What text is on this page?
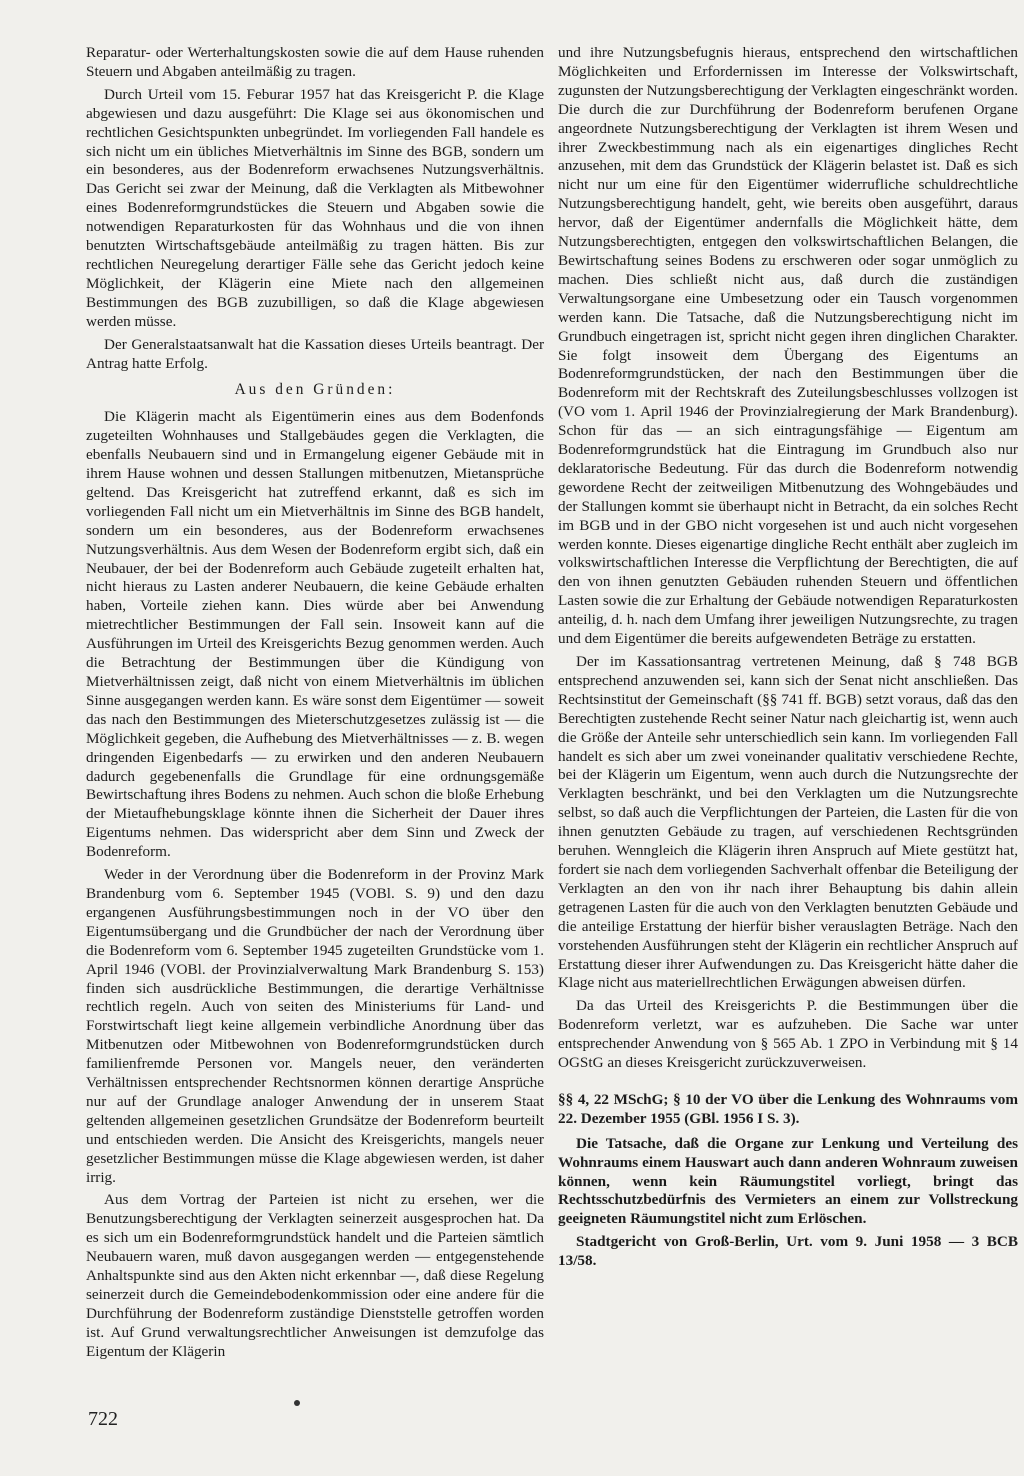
Reparatur- oder Werterhaltungskosten sowie die auf dem Hause ruhenden Steuern und Abgaben anteilmäßig zu tragen.

Durch Urteil vom 15. Feburar 1957 hat das Kreisgericht P. die Klage abgewiesen und dazu ausgeführt: Die Klage sei aus ökonomischen und rechtlichen Gesichtspunkten unbegründet. Im vorliegenden Fall handele es sich nicht um ein übliches Mietverhältnis im Sinne des BGB, sondern um ein besonderes, aus der Bodenreform erwachsenes Nutzungsverhältnis. Das Gericht sei zwar der Meinung, daß die Verklagten als Mitbewohner eines Bodenreformgrundstückes die Steuern und Abgaben sowie die notwendigen Reparaturkosten für das Wohnhaus und die von ihnen benutzten Wirtschaftsgebäude anteilmäßig zu tragen hätten. Bis zur rechtlichen Neuregelung derartiger Fälle sehe das Gericht jedoch keine Möglichkeit, der Klägerin eine Miete nach den allgemeinen Bestimmungen des BGB zuzubilligen, so daß die Klage abgewiesen werden müsse.

Der Generalstaatsanwalt hat die Kassation dieses Urteils beantragt. Der Antrag hatte Erfolg.

Aus den Gründen:

Die Klägerin macht als Eigentümerin eines aus dem Bodenfonds zugeteilten Wohnhauses und Stallgebäudes gegen die Verklagten, die ebenfalls Neubauern sind und in Ermangelung eigener Gebäude mit in ihrem Hause wohnen und dessen Stallungen mitbenutzen, Mietansprüche geltend. Das Kreisgericht hat zutreffend erkannt, daß es sich im vorliegenden Fall nicht um ein Mietverhältnis im Sinne des BGB handelt, sondern um ein besonderes, aus der Bodenreform erwachsenes Nutzungsverhältnis. Aus dem Wesen der Bodenreform ergibt sich, daß ein Neubauer, der bei der Bodenreform auch Gebäude zugeteilt erhalten hat, nicht hieraus zu Lasten anderer Neubauern, die keine Gebäude erhalten haben, Vorteile ziehen kann. Dies würde aber bei Anwendung mietrechtlicher Bestimmungen der Fall sein. Insoweit kann auf die Ausführungen im Urteil des Kreisgerichts Bezug genommen werden. Auch die Betrachtung der Bestimmungen über die Kündigung von Mietverhältnissen zeigt, daß nicht von einem Mietverhältnis im üblichen Sinne ausgegangen werden kann. Es wäre sonst dem Eigentümer — soweit das nach den Bestimmungen des Mieterschutzgesetzes zulässig ist — die Möglichkeit gegeben, die Aufhebung des Mietverhältnisses — z. B. wegen dringenden Eigenbedarfs — zu erwirken und den anderen Neubauern dadurch gegebenenfalls die Grundlage für eine ordnungsgemäße Bewirtschaftung ihres Bodens zu nehmen. Auch schon die bloße Erhebung der Mietaufhebungsklage könnte ihnen die Sicherheit der Dauer ihres Eigentums nehmen. Das widerspricht aber dem Sinn und Zweck der Bodenreform.

Weder in der Verordnung über die Bodenreform in der Provinz Mark Brandenburg vom 6. September 1945 (VOBl. S. 9) und den dazu ergangenen Ausführungsbestimmungen noch in der VO über den Eigentumsübergang und die Grundbücher der nach der Verordnung über die Bodenreform vom 6. September 1945 zugeteilten Grundstücke vom 1. April 1946 (VOBl. der Provinzialverwaltung Mark Brandenburg S. 153) finden sich ausdrückliche Bestimmungen, die derartige Verhältnisse rechtlich regeln. Auch von seiten des Ministeriums für Land- und Forstwirtschaft liegt keine allgemein verbindliche Anordnung über das Mitbenutzen oder Mitbewohnen von Bodenreformgrundstücken durch familienfremde Personen vor. Mangels neuer, den veränderten Verhältnissen entsprechender Rechtsnormen können derartige Ansprüche nur auf der Grundlage analoger Anwendung der in unserem Staat geltenden allgemeinen gesetzlichen Grundsätze der Bodenreform beurteilt und entschieden werden. Die Ansicht des Kreisgerichts, mangels neuer gesetzlicher Bestimmungen müsse die Klage abgewiesen werden, ist daher irrig.

Aus dem Vortrag der Parteien ist nicht zu ersehen, wer die Benutzungsberechtigung der Verklagten seinerzeit ausgesprochen hat. Da es sich um ein Bodenreformgrundstück handelt und die Parteien sämtlich Neubauern waren, muß davon ausgegangen werden — entgegenstehende Anhaltspunkte sind aus den Akten nicht erkennbar —, daß diese Regelung seinerzeit durch die Gemeindebodenkommission oder eine andere für die Durchführung der Bodenreform zuständige Dienststelle getroffen worden ist. Auf Grund verwaltungsrechtlicher Anweisungen ist demzufolge das Eigentum der Klägerin

und ihre Nutzungsbefugnis hieraus, entsprechend den wirtschaftlichen Möglichkeiten und Erfordernissen im Interesse der Volkswirtschaft, zugunsten der Nutzungsberechtigung der Verklagten eingeschränkt worden. Die durch die zur Durchführung der Bodenreform berufenen Organe angeordnete Nutzungsberechtigung der Verklagten ist ihrem Wesen und ihrer Zweckbestimmung nach als ein eigenartiges dingliches Recht anzusehen, mit dem das Grundstück der Klägerin belastet ist. Daß es sich nicht nur um eine für den Eigentümer widerrufliche schuldrechtliche Nutzungsberechtigung handelt, geht, wie bereits oben ausgeführt, daraus hervor, daß der Eigentümer andernfalls die Möglichkeit hätte, dem Nutzungsberechtigten, entgegen den volkswirtschaftlichen Belangen, die Bewirtschaftung seines Bodens zu erschweren oder sogar unmöglich zu machen. Dies schließt nicht aus, daß durch die zuständigen Verwaltungsorgane eine Umbesetzung oder ein Tausch vorgenommen werden kann. Die Tatsache, daß die Nutzungsberechtigung nicht im Grundbuch eingetragen ist, spricht nicht gegen ihren dinglichen Charakter. Sie folgt insoweit dem Übergang des Eigentums an Bodenreformgrundstücken, der nach den Bestimmungen über die Bodenreform mit der Rechtskraft des Zuteilungsbeschlusses vollzogen ist (VO vom 1. April 1946 der Provinzialregierung der Mark Brandenburg). Schon für das — an sich eintragungsfähige — Eigentum am Bodenreformgrundstück hat die Eintragung im Grundbuch also nur deklaratorische Bedeutung. Für das durch die Bodenreform notwendig gewordene Recht der zeitweiligen Mitbenutzung des Wohngebäudes und der Stallungen kommt sie überhaupt nicht in Betracht, da ein solches Recht im BGB und in der GBO nicht vorgesehen ist und auch nicht vorgesehen werden konnte. Dieses eigenartige dingliche Recht enthält aber zugleich im volkswirtschaftlichen Interesse die Verpflichtung der Berechtigten, die auf den von ihnen genutzten Gebäuden ruhenden Steuern und öffentlichen Lasten sowie die zur Erhaltung der Gebäude notwendigen Reparaturkosten anteilig, d. h. nach dem Umfang ihrer jeweiligen Nutzungsrechte, zu tragen und dem Eigentümer die bereits aufgewendeten Beträge zu erstatten.

Der im Kassationsantrag vertretenen Meinung, daß § 748 BGB entsprechend anzuwenden sei, kann sich der Senat nicht anschließen. Das Rechtsinstitut der Gemeinschaft (§§ 741 ff. BGB) setzt voraus, daß das den Berechtigten zustehende Recht seiner Natur nach gleichartig ist, wenn auch die Größe der Anteile sehr unterschiedlich sein kann. Im vorliegenden Fall handelt es sich aber um zwei voneinander qualitativ verschiedene Rechte, bei der Klägerin um Eigentum, wenn auch durch die Nutzungsrechte der Verklagten beschränkt, und bei den Verklagten um die Nutzungsrechte selbst, so daß auch die Verpflichtungen der Parteien, die Lasten für die von ihnen genutzten Gebäude zu tragen, auf verschiedenen Rechtsgründen beruhen. Wenngleich die Klägerin ihren Anspruch auf Miete gestützt hat, fordert sie nach dem vorliegenden Sachverhalt offenbar die Beteiligung der Verklagten an den von ihr nach ihrer Behauptung bis dahin allein getragenen Lasten für die auch von den Verklagten benutzten Gebäude und die anteilige Erstattung der hierfür bisher verauslagten Beträge. Nach den vorstehenden Ausführungen steht der Klägerin ein rechtlicher Anspruch auf Erstattung dieser ihrer Aufwendungen zu. Das Kreisgericht hätte daher die Klage nicht aus materiellrechtlichen Erwägungen abweisen dürfen.

Da das Urteil des Kreisgerichts P. die Bestimmungen über die Bodenreform verletzt, war es aufzuheben. Die Sache war unter entsprechender Anwendung von § 565 Ab. 1 ZPO in Verbindung mit § 14 OGStG an dieses Kreisgericht zurückzuverweisen.

§§ 4, 22 MSchG; § 10 der VO über die Lenkung des Wohnraums vom 22. Dezember 1955 (GBl. 1956 I S. 3).

Die Tatsache, daß die Organe zur Lenkung und Verteilung des Wohnraums einem Hauswart auch dann anderen Wohnraum zuweisen können, wenn kein Räumungstitel vorliegt, bringt das Rechtsschutzbedürfnis des Vermieters an einem zur Vollstreckung geeigneten Räumungstitel nicht zum Erlöschen.

Stadtgericht von Groß-Berlin, Urt. vom 9. Juni 1958 — 3 BCB 13/58.

722
